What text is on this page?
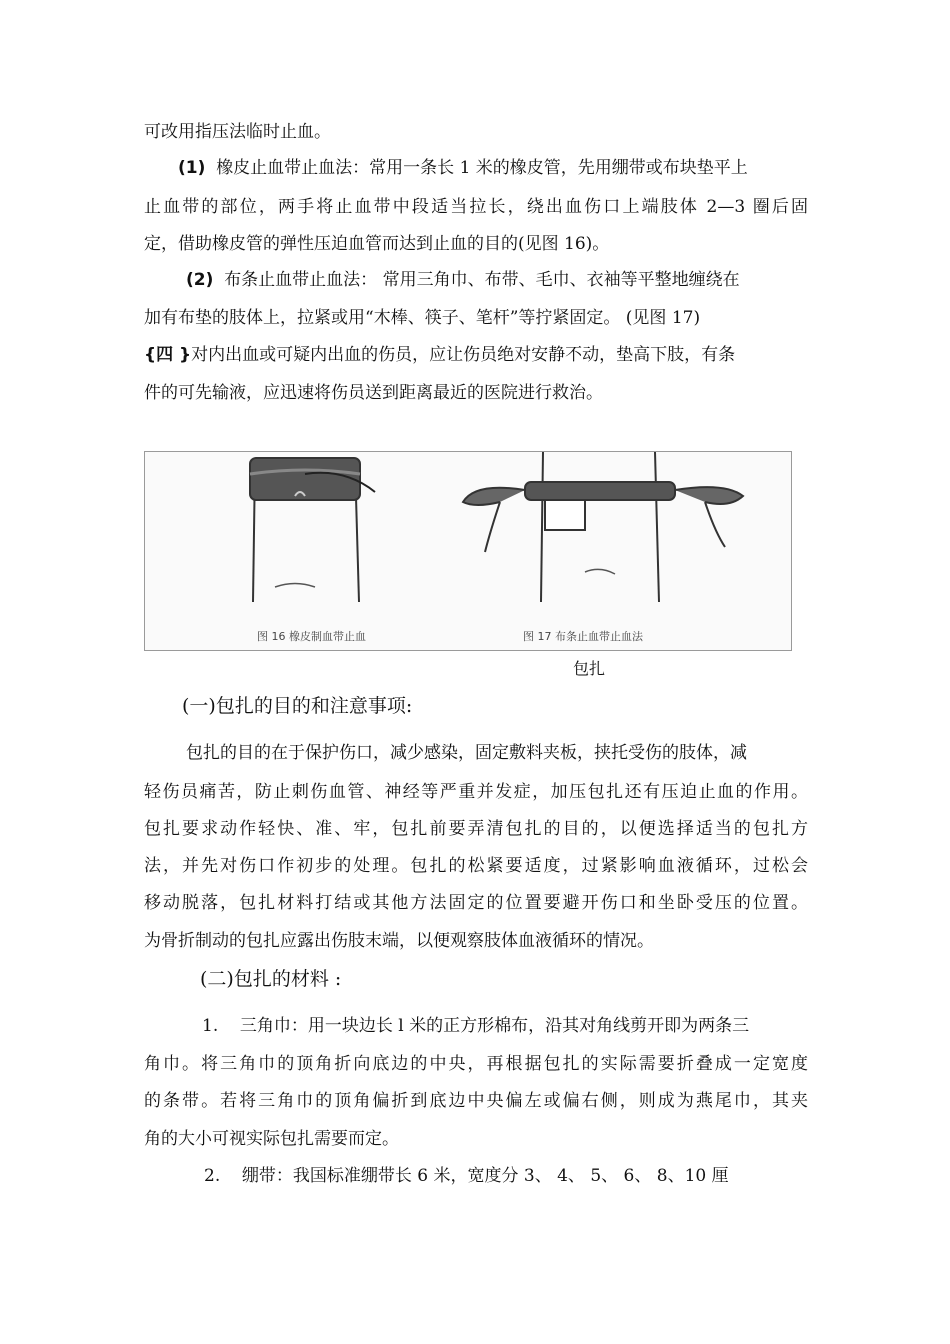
可改用指压法临时止血。
(1) 橡皮止血带止血法：常用一条长 1 米的橡皮管，先用绷带或布块垫平上
止血带的部位，两手将止血带中段适当拉长，绕出血伤口上端肢体 2—3 圈后固
定，借助橡皮管的弹性压迫血管而达到止血的目的(见图 16)。
(2) 布条止血带止血法： 常用三角巾、布带、毛巾、衣袖等平整地缠绕在
加有布垫的肢体上，拉紧或用“木棒、筷子、笔杆”等拧紧固定。 (见图 17)
{四 }对内出血或可疑内出血的伤员，应让伤员绝对安静不动，垫高下肢，有条
件的可先输液，应迅速将伤员送到距离最近的医院进行救治。
图 16 橡皮制血带止血	图 17 布条止血带止血法
包扎
(一)包扎的目的和注意事项:
包扎的目的在于保护伤口，减少感染，固定敷料夹板，挟托受伤的肢体，减
轻伤员痛苦，防止刺伤血管、神经等严重并发症，加压包扎还有压迫止血的作用。
包扎要求动作轻快、准、牢，包扎前要弄清包扎的目的，以便选择适当的包扎方
法，并先对伤口作初步的处理。包扎的松紧要适度，过紧影响血液循环，过松会
移动脱落，包扎材料打结或其他方法固定的位置要避开伤口和坐卧受压的位置。
为骨折制动的包扎应露出伤肢末端，以便观察肢体血液循环的情况。
(二)包扎的材料 :
1. 三角巾：用一块边长 l 米的正方形棉布，沿其对角线剪开即为两条三
角巾。将三角巾的顶角折向底边的中央，再根据包扎的实际需要折叠成一定宽度
的条带。若将三角巾的顶角偏折到底边中央偏左或偏右侧，则成为燕尾巾，其夹
角的大小可视实际包扎需要而定。
2. 绷带：我国标准绷带长 6 米，宽度分 3、 4、 5、 6、 8、10 厘
